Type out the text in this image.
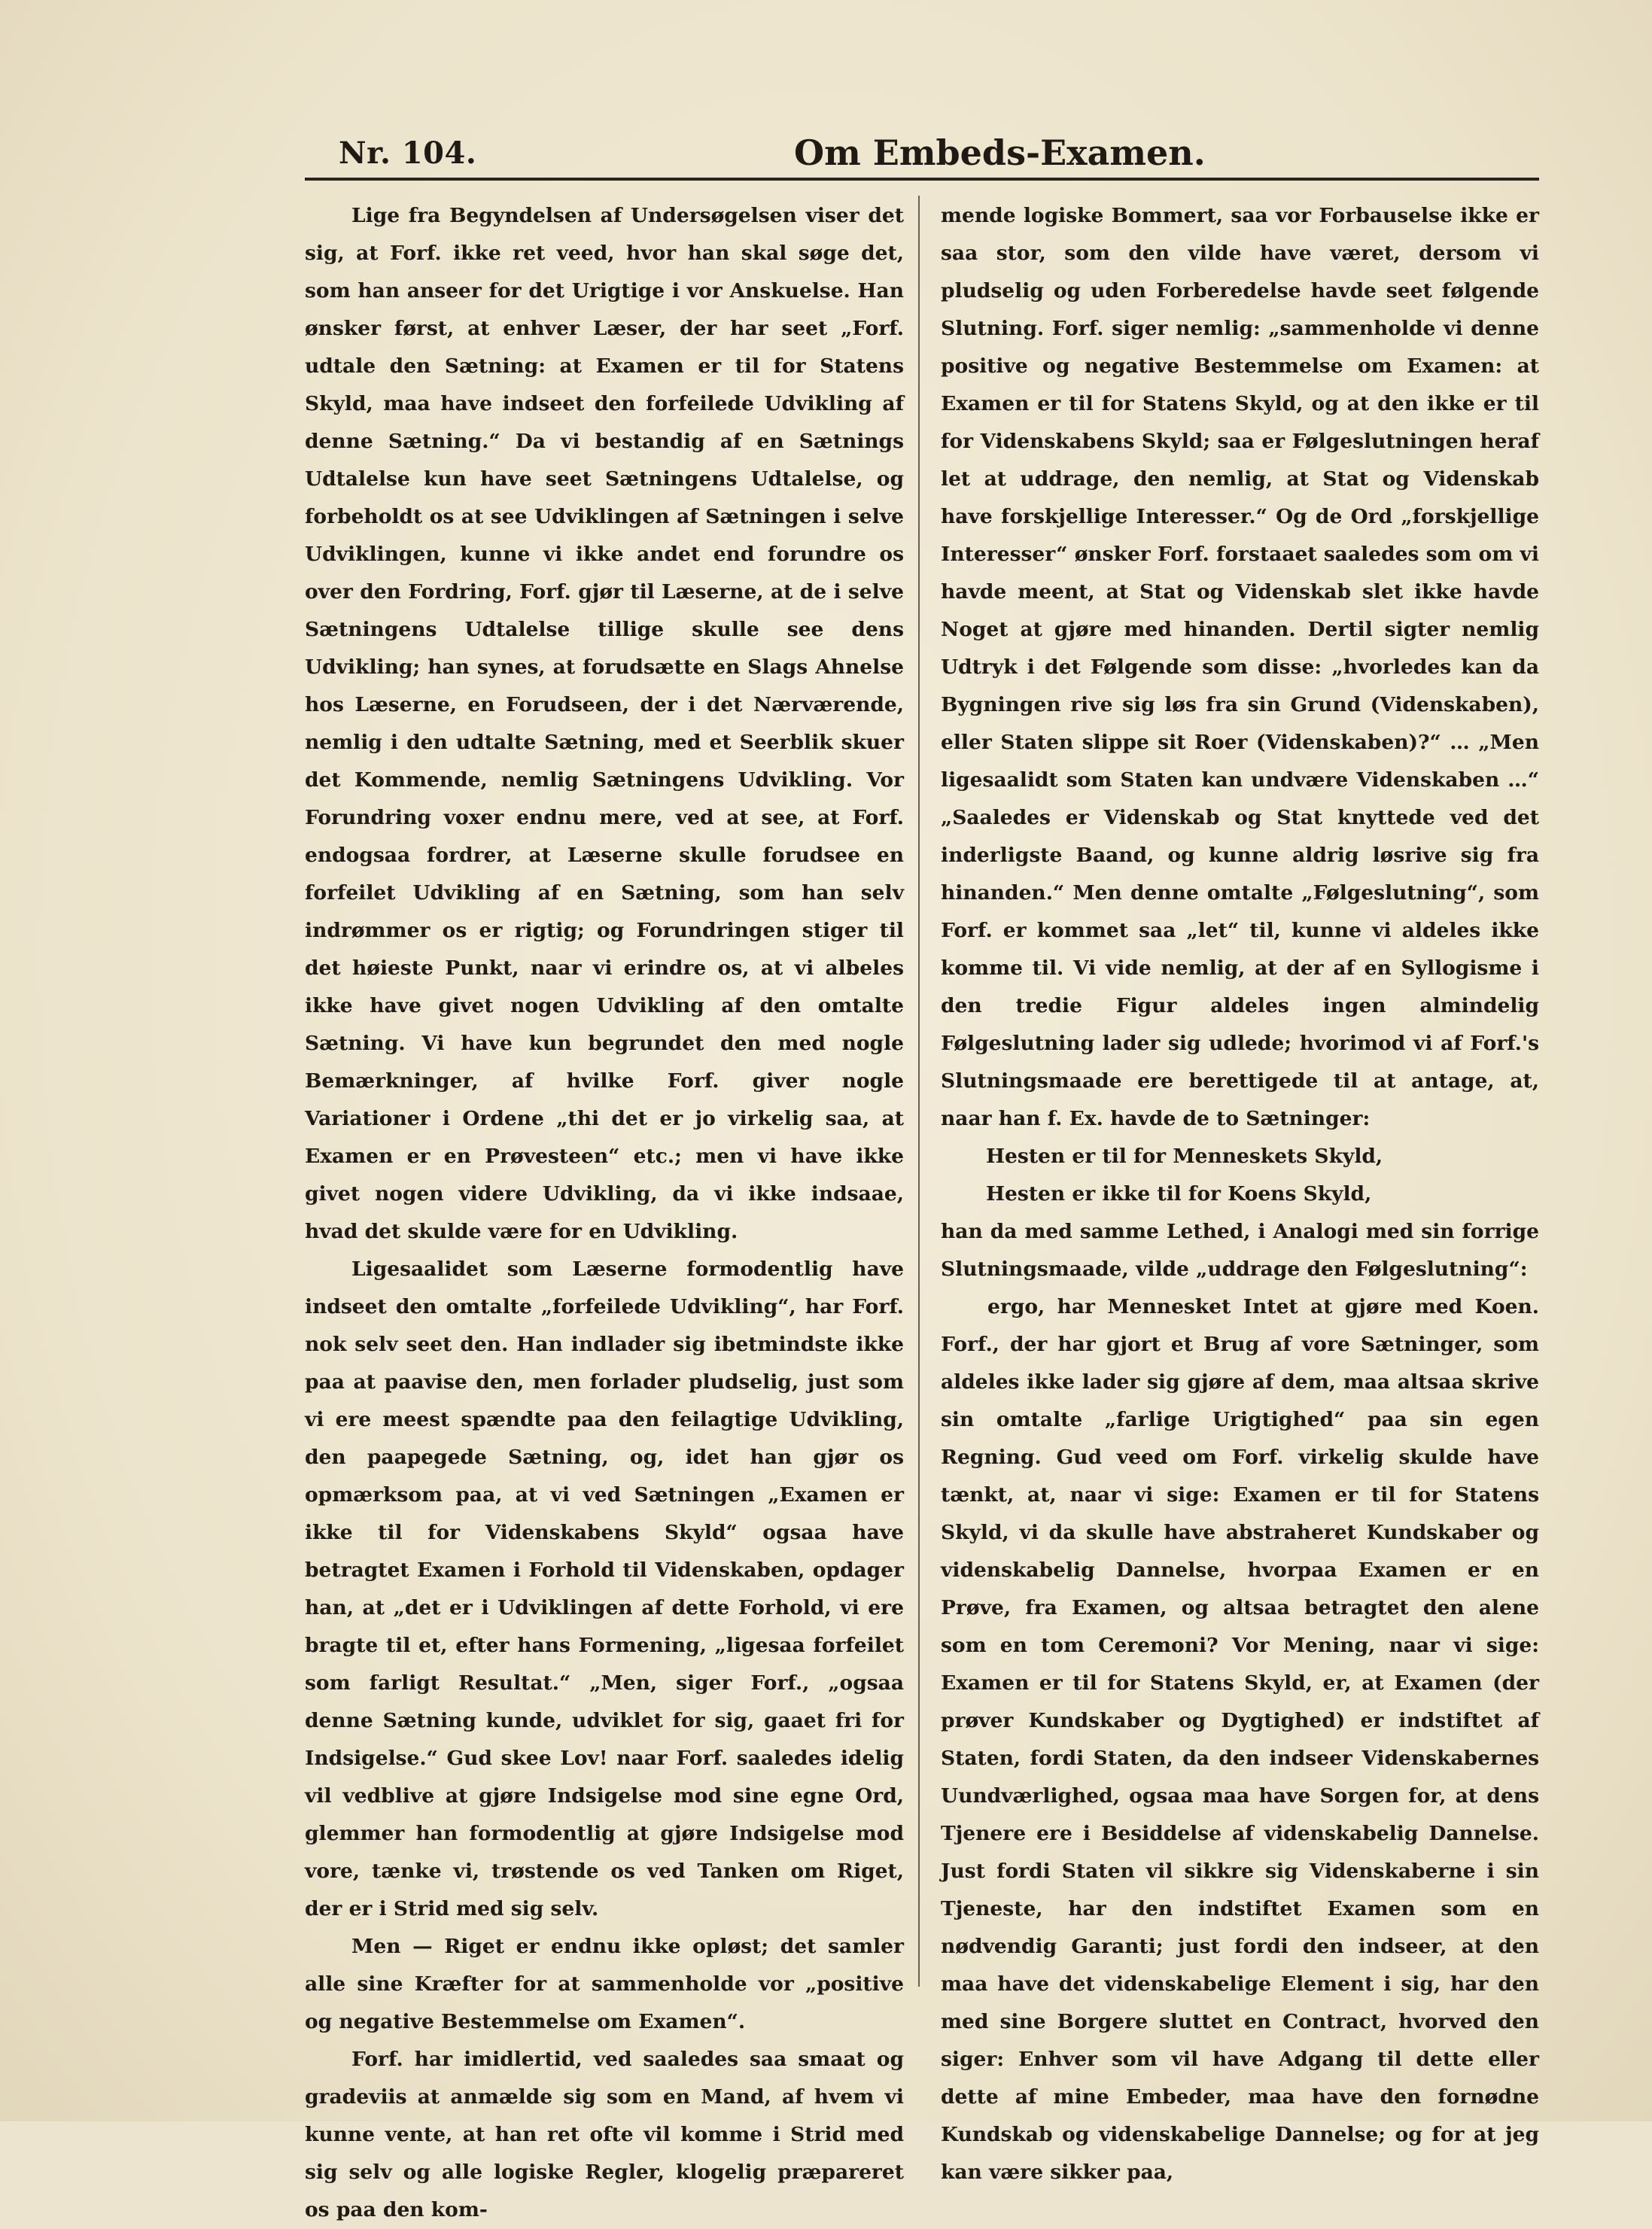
Nr. 104.	Om Embeds-Examen.

Lige fra Begyndelsen af Undersøgelsen viser det sig, at Forf. ikke ret veed, hvor han skal søge det, som han anseer for det Urigtige i vor Anskuelse. Han ønsker først, at enhver Læser, der har seet „Forf. udtale den Sætning: at Examen er til for Statens Skyld, maa have indseet den forfeilede Udvikling af denne Sætning.“ Da vi bestandig af en Sætnings Udtalelse kun have seet Sætningens Udtalelse, og forbeholdt os at see Udviklingen af Sætningen i selve Udviklingen, kunne vi ikke andet end forundre os over den Fordring, Forf. gjør til Læserne, at de i selve Sætningens Udtalelse tillige skulle see dens Udvikling; han synes, at forudsætte en Slags Ahnelse hos Læserne, en Forudseen, der i det Nærværende, nemlig i den udtalte Sætning, med et Seerblik skuer det Kommende, nemlig Sætningens Udvikling. Vor Forundring voxer endnu mere, ved at see, at Forf. endogsaa fordrer, at Læserne skulle forudsee en forfeilet Udvikling af en Sætning, som han selv indrømmer os er rigtig; og Forundringen stiger til det høieste Punkt, naar vi erindre os, at vi albeles ikke have givet nogen Udvikling af den omtalte Sætning. Vi have kun begrundet den med nogle Bemærkninger, af hvilke Forf. giver nogle Variationer i Ordene „thi det er jo virkelig saa, at Examen er en Prøvesteen“ etc.; men vi have ikke givet nogen videre Udvikling, da vi ikke indsaae, hvad det skulde være for en Udvikling.

Ligesaalidet som Læserne formodentlig have indseet den omtalte „forfeilede Udvikling“, har Forf. nok selv seet den. Han indlader sig ibetmindste ikke paa at paavise den, men forlader pludselig, just som vi ere meest spændte paa den feilagtige Udvikling, den paapegede Sætning, og, idet han gjør os opmærksom paa, at vi ved Sætningen „Examen er ikke til for Videnskabens Skyld“ ogsaa have betragtet Examen i Forhold til Videnskaben, opdager han, at „det er i Udviklingen af dette Forhold, vi ere bragte til et, efter hans Formening, „ligesaa forfeilet som farligt Resultat.“ „Men, siger Forf., „ogsaa denne Sætning kunde, udviklet for sig, gaaet fri for Indsigelse.“ Gud skee Lov! naar Forf. saaledes idelig vil vedblive at gjøre Indsigelse mod sine egne Ord, glemmer han formodentlig at gjøre Indsigelse mod vore, tænke vi, trøstende os ved Tanken om Riget, der er i Strid med sig selv.

Men — Riget er endnu ikke opløst; det samler alle sine Kræfter for at sammenholde vor „positive og negative Bestemmelse om Examen“.

Forf. har imidlertid, ved saaledes saa smaat og gradeviis at anmælde sig som en Mand, af hvem vi kunne vente, at han ret ofte vil komme i Strid med sig selv og alle logiske Regler, klogelig præpareret os paa den kom-

mende logiske Bommert, saa vor Forbauselse ikke er saa stor, som den vilde have været, dersom vi pludselig og uden Forberedelse havde seet følgende Slutning. Forf. siger nemlig: „sammenholde vi denne positive og negative Bestemmelse om Examen: at Examen er til for Statens Skyld, og at den ikke er til for Videnskabens Skyld; saa er Følgeslutningen heraf let at uddrage, den nemlig, at Stat og Videnskab have forskjellige Interesser.“ Og de Ord „forskjellige Interesser“ ønsker Forf. forstaaet saaledes som om vi havde meent, at Stat og Videnskab slet ikke havde Noget at gjøre med hinanden. Dertil sigter nemlig Udtryk i det Følgende som disse: „hvorledes kan da Bygningen rive sig løs fra sin Grund (Videnskaben), eller Staten slippe sit Roer (Videnskaben)?“ … „Men ligesaalidt som Staten kan undvære Videnskaben …“ „Saaledes er Videnskab og Stat knyttede ved det inderligste Baand, og kunne aldrig løsrive sig fra hinanden.“ Men denne omtalte „Følgeslutning“, som Forf. er kommet saa „let“ til, kunne vi aldeles ikke komme til. Vi vide nemlig, at der af en Syllogisme i den tredie Figur aldeles ingen almindelig Følgeslutning lader sig udlede; hvorimod vi af Forf.'s Slutningsmaade ere berettigede til at antage, at, naar han f. Ex. havde de to Sætninger:

Hesten er til for Menneskets Skyld,

Hesten er ikke til for Koens Skyld,

han da med samme Lethed, i Analogi med sin forrige Slutningsmaade, vilde „uddrage den Følgeslutning“:

ergo, har Mennesket Intet at gjøre med Koen. Forf., der har gjort et Brug af vore Sætninger, som aldeles ikke lader sig gjøre af dem, maa altsaa skrive sin omtalte „farlige Urigtighed“ paa sin egen Regning. Gud veed om Forf. virkelig skulde have tænkt, at, naar vi sige: Examen er til for Statens Skyld, vi da skulle have abstraheret Kundskaber og videnskabelig Dannelse, hvorpaa Examen er en Prøve, fra Examen, og altsaa betragtet den alene som en tom Ceremoni? Vor Mening, naar vi sige: Examen er til for Statens Skyld, er, at Examen (der prøver Kundskaber og Dygtighed) er indstiftet af Staten, fordi Staten, da den indseer Videnskabernes Uundværlighed, ogsaa maa have Sorgen for, at dens Tjenere ere i Besiddelse af videnskabelig Dannelse. Just fordi Staten vil sikkre sig Videnskaberne i sin Tjeneste, har den indstiftet Examen som en nødvendig Garanti; just fordi den indseer, at den maa have det videnskabelige Element i sig, har den med sine Borgere sluttet en Contract, hvorved den siger: Enhver som vil have Adgang til dette eller dette af mine Embeder, maa have den fornødne Kundskab og videnskabelige Dannelse; og for at jeg kan være sikker paa,
